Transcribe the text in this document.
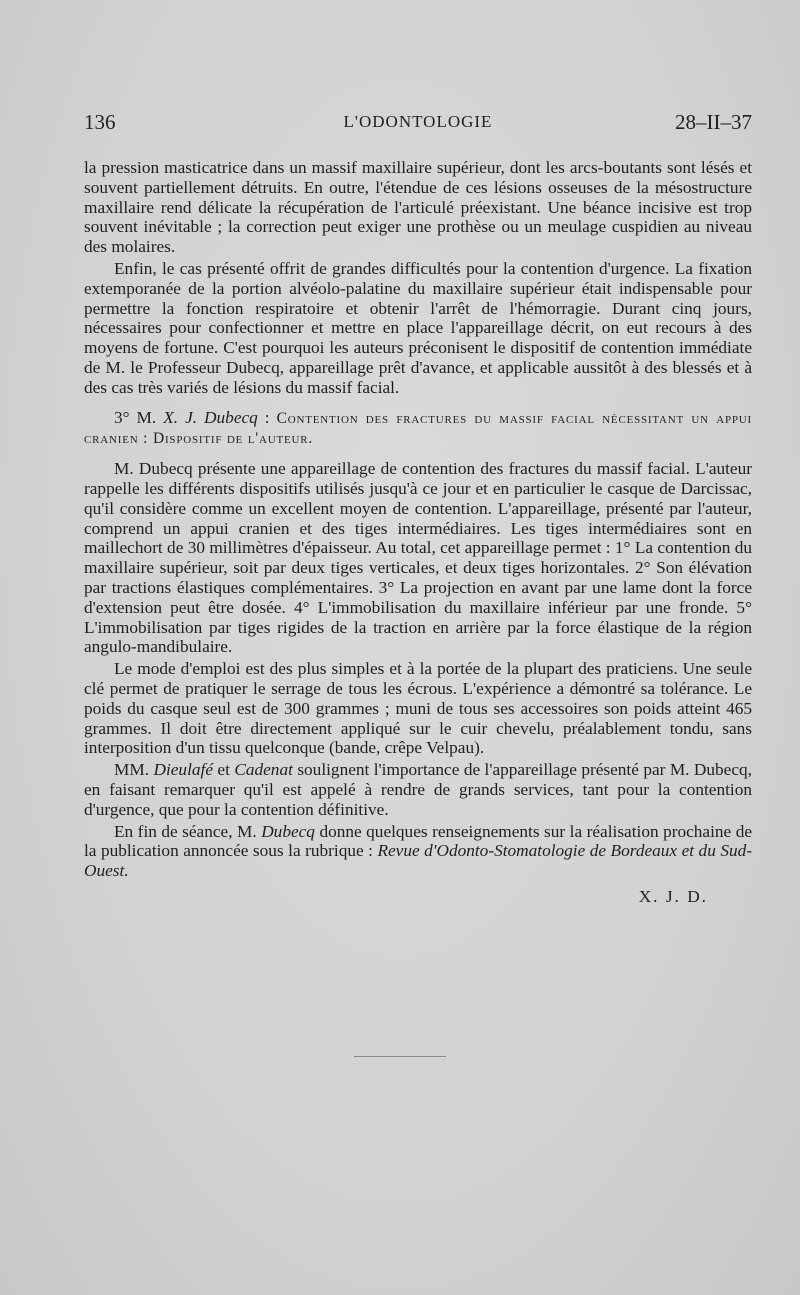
136	L'ODONTOLOGIE	28–II–37

la pression masticatrice dans un massif maxillaire supérieur, dont les arcs-boutants sont lésés et souvent partiellement détruits. En outre, l'étendue de ces lésions osseuses de la mésostructure maxillaire rend délicate la récupération de l'articulé préexistant. Une béance incisive est trop souvent inévitable ; la correction peut exiger une prothèse ou un meulage cuspidien au niveau des molaires.

Enfin, le cas présenté offrit de grandes difficultés pour la contention d'urgence. La fixation extemporanée de la portion alvéolo-palatine du maxillaire supérieur était indispensable pour permettre la fonction respiratoire et obtenir l'arrêt de l'hémorragie. Durant cinq jours, nécessaires pour confectionner et mettre en place l'appareillage décrit, on eut recours à des moyens de fortune. C'est pourquoi les auteurs préconisent le dispositif de contention immédiate de M. le Professeur Dubecq, appareillage prêt d'avance, et applicable aussitôt à des blessés et à des cas très variés de lésions du massif facial.

3° M. X. J. Dubecq : Contention des fractures du massif facial nécessitant un appui cranien : Dispositif de l'auteur.

M. Dubecq présente une appareillage de contention des fractures du massif facial. L'auteur rappelle les différents dispositifs utilisés jusqu'à ce jour et en particulier le casque de Darcissac, qu'il considère comme un excellent moyen de contention. L'appareillage, présenté par l'auteur, comprend un appui cranien et des tiges intermédiaires. Les tiges intermédiaires sont en maillechort de 30 millimètres d'épaisseur. Au total, cet appareillage permet : 1° La contention du maxillaire supérieur, soit par deux tiges verticales, et deux tiges horizontales. 2° Son élévation par tractions élastiques complémentaires. 3° La projection en avant par une lame dont la force d'extension peut être dosée. 4° L'immobilisation du maxillaire inférieur par une fronde. 5° L'immobilisation par tiges rigides de la traction en arrière par la force élastique de la région angulo-mandibulaire.

Le mode d'emploi est des plus simples et à la portée de la plupart des praticiens. Une seule clé permet de pratiquer le serrage de tous les écrous. L'expérience a démontré sa tolérance. Le poids du casque seul est de 300 grammes ; muni de tous ses accessoires son poids atteint 465 grammes. Il doit être directement appliqué sur le cuir chevelu, préalablement tondu, sans interposition d'un tissu quelconque (bande, crêpe Velpau).

MM. Dieulafé et Cadenat soulignent l'importance de l'appareillage présenté par M. Dubecq, en faisant remarquer qu'il est appelé à rendre de grands services, tant pour la contention d'urgence, que pour la contention définitive.

En fin de séance, M. Dubecq donne quelques renseignements sur la réalisation prochaine de la publication annoncée sous la rubrique : Revue d'Odonto-Stomatologie de Bordeaux et du Sud-Ouest.

X. J. D.
